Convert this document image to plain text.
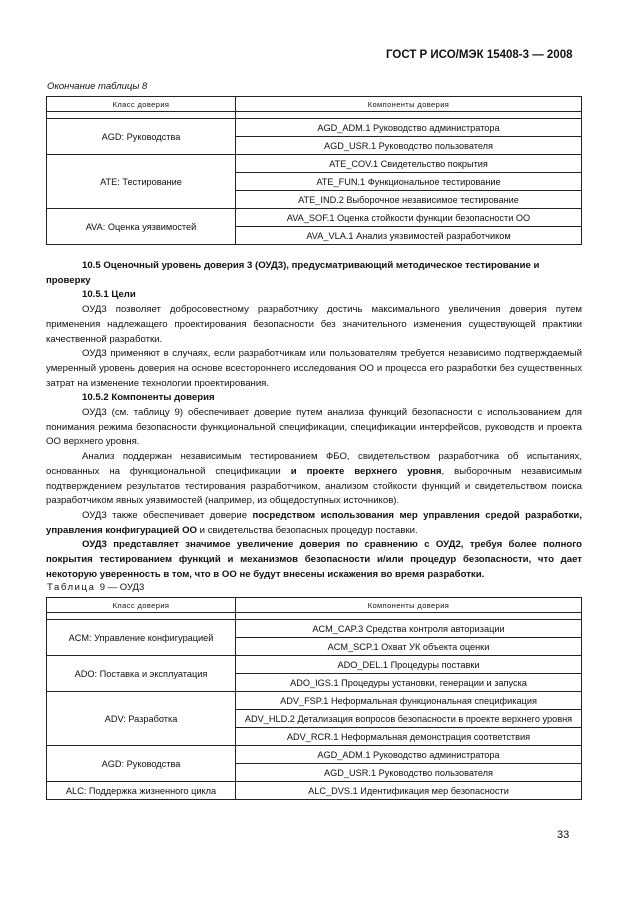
ГОСТ Р ИСО/МЭК 15408-3 — 2008
Окончание таблицы 8
Класс доверия	Компоненты доверия

AGD: Руководства	AGD_ADM.1 Руководство администратора
	AGD_USR.1 Руководство пользователя
ATE: Тестирование	ATE_COV.1 Свидетельство покрытия
	ATE_FUN.1 Функциональное тестирование
	ATE_IND.2 Выборочное независимое тестирование
AVA: Оценка уязвимостей	AVA_SOF.1 Оценка стойкости функции безопасности ОО
	AVA_VLA.1 Анализ уязвимостей разработчиком

10.5 Оценочный уровень доверия 3 (ОУД3), предусматривающий методическое тестирование и проверку

10.5.1 Цели

ОУД3 позволяет добросовестному разработчику достичь максимального увеличения доверия путем применения надлежащего проектирования безопасности без значительного изменения существующей практики качественной разработки.

ОУД3 применяют в случаях, если разработчикам или пользователям требуется независимо подтверждаемый умеренный уровень доверия на основе всестороннего исследования ОО и процесса его разработки без существенных затрат на изменение технологии проектирования.

10.5.2 Компоненты доверия

ОУД3 (см. таблицу 9) обеспечивает доверие путем анализа функций безопасности с использованием для понимания режима безопасности функциональной спецификации, спецификации интерфейсов, руководств и проекта ОО верхнего уровня.

Анализ поддержан независимым тестированием ФБО, свидетельством разработчика об испытаниях, основанных на функциональной спецификации и проекте верхнего уровня, выборочным независимым подтверждением результатов тестирования разработчиком, анализом стойкости функций и свидетельством поиска разработчиком явных уязвимостей (например, из общедоступных источников).

ОУД3 также обеспечивает доверие посредством использования мер управления средой разработки, управления конфигурацией ОО и свидетельства безопасных процедур поставки.

ОУД3 представляет значимое увеличение доверия по сравнению с ОУД2, требуя более полного покрытия тестированием функций и механизмов безопасности и/или процедур безопасности, что дает некоторую уверенность в том, что в ОО не будут внесены искажения во время разработки.

Таблица 9 — ОУД3
Класс доверия	Компоненты доверия

ACM: Управление конфигурацией	ACM_CAP.3 Средства контроля авторизации
	ACM_SCP.1 Охват УК объекта оценки
ADO: Поставка и эксплуатация	ADO_DEL.1 Процедуры поставки
	ADO_IGS.1 Процедуры установки, генерации и запуска
ADV: Разработка	ADV_FSP.1 Неформальная функциональная спецификация
	ADV_HLD.2 Детализация вопросов безопасности в проекте верхнего уровня
	ADV_RCR.1 Неформальная демонстрация соответствия
AGD: Руководства	AGD_ADM.1 Руководство администратора
	AGD_USR.1 Руководство пользователя
ALC: Поддержка жизненного цикла	ALC_DVS.1 Идентификация мер безопасности
33
